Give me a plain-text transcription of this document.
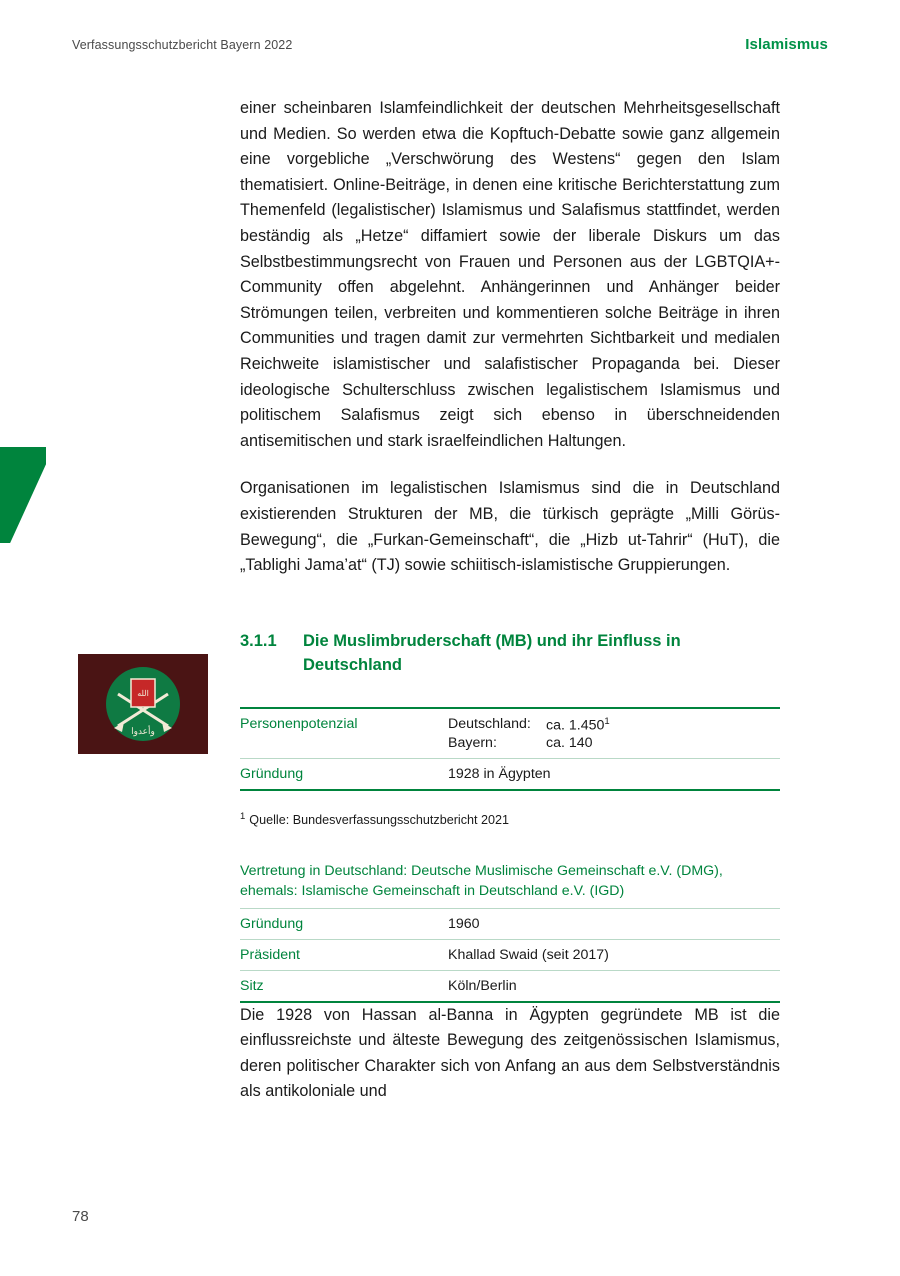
Verfassungsschutzbericht Bayern 2022	Islamismus
الله
وأعدوا

einer scheinbaren Islamfeindlichkeit der deutschen Mehrheitsgesellschaft und Medien. So werden etwa die Kopftuch-Debatte sowie ganz allgemein eine vorgebliche „Verschwörung des Westens“ gegen den Islam thematisiert. Online-Beiträge, in denen eine kritische Berichterstattung zum Themenfeld (legalistischer) Islamismus und Salafismus stattfindet, werden beständig als „Hetze“ diffamiert sowie der liberale Diskurs um das Selbstbestimmungsrecht von Frauen und Personen aus der LGBTQIA+-Community offen abgelehnt. Anhängerinnen und Anhänger beider Strömungen teilen, verbreiten und kommentieren solche Beiträge in ihren Communities und tragen damit zur vermehrten Sichtbarkeit und medialen Reichweite islamistischer und salafistischer Propaganda bei. Dieser ideologische Schulterschluss zwischen legalistischem Islamismus und politischem Salafismus zeigt sich ebenso in überschneidenden antisemitischen und stark israelfeindlichen Haltungen.

Organisationen im legalistischen Islamismus sind die in Deutschland existierenden Strukturen der MB, die türkisch geprägte „Milli Görüs-Bewegung“, die „Furkan-Gemeinschaft“, die „Hizb ut-Tahrir“ (HuT), die „Tablighi Jama’at“ (TJ) sowie schiitisch-islamistische Gruppierungen.

3.1.1	Die Muslimbruderschaft (MB) und ihr Einfluss in Deutschland
Personenpotenzial	Deutschland: ca. 1.450$^1$
Bayern: ca. 140

Gründung	1928 in Ägypten
$^1$ Quelle: Bundesverfassungsschutzbericht 2021
Vertretung in Deutschland: Deutsche Muslimische Gemeinschaft e.V. (DMG), ehemals: Islamische Gemeinschaft in Deutschland e.V. (IGD)	
Gründung	1960
Präsident	Khallad Swaid (seit 2017)
Sitz	Köln/Berlin

Die 1928 von Hassan al-Banna in Ägypten gegründete MB ist die einflussreichste und älteste Bewegung des zeitgenössischen Islamismus, deren politischer Charakter sich von Anfang an aus dem Selbstverständnis als antikoloniale und

78
